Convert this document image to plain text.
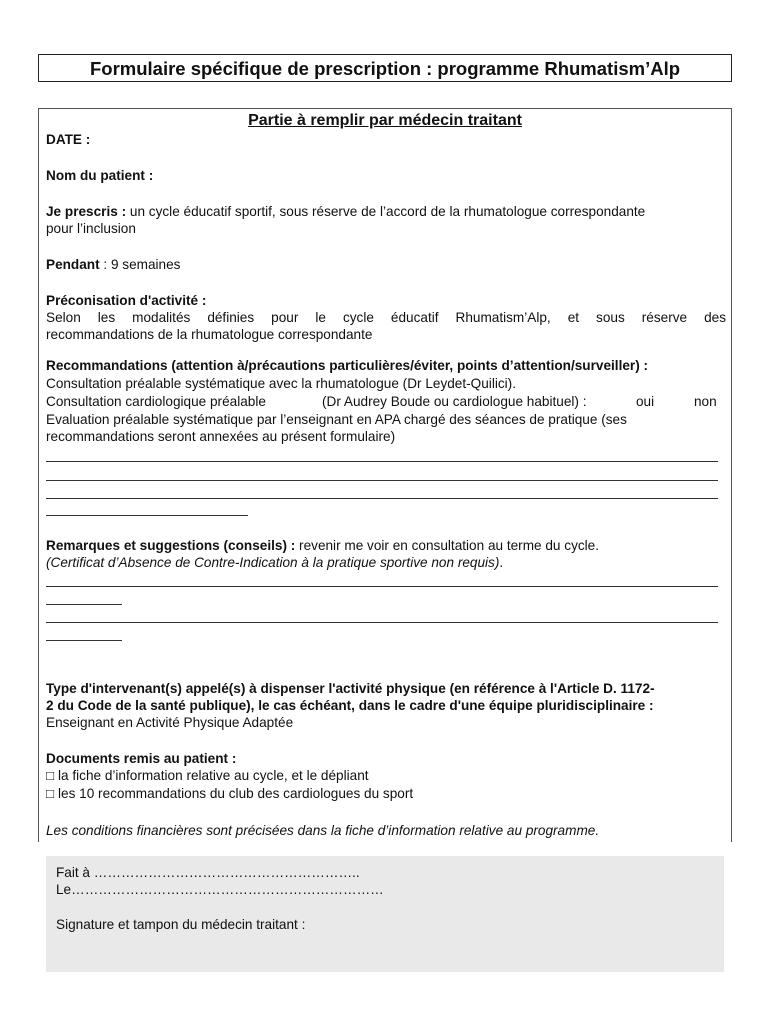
Formulaire spécifique de prescription : programme Rhumatism’Alp
Partie à remplir par médecin traitant
DATE :
Nom du patient :
Je prescris : un cycle éducatif sportif, sous réserve de l’accord de la rhumatologue correspondante
pour l’inclusion
Pendant : 9 semaines
Préconisation d'activité :
Selon les modalités définies pour le cycle éducatif Rhumatism’Alp, et sous réserve des
recommandations de la rhumatologue correspondante
Recommandations (attention à/précautions particulières/éviter, points d’attention/surveiller) :
Consultation préalable systématique avec la rhumatologue (Dr Leydet-Quilici).
Consultation cardiologique préalable	(Dr Audrey Boude ou cardiologue habituel) :	oui	non
Evaluation préalable systématique par l’enseignant en APA chargé des séances de pratique (ses
recommandations seront annexées au présent formulaire)
Remarques et suggestions (conseils) : revenir me voir en consultation au terme du cycle.
(Certificat d’Absence de Contre-Indication à la pratique sportive non requis).
Type d'intervenant(s) appelé(s) à dispenser l'activité physique (en référence à l'Article D. 1172-
2 du Code de la santé publique), le cas échéant, dans le cadre d'une équipe pluridisciplinaire :
Enseignant en Activité Physique Adaptée
Documents remis au patient :
□ la fiche d’information relative au cycle, et le dépliant
□ les 10 recommandations du club des cardiologues du sport
Les conditions financières sont précisées dans la fiche d’information relative au programme.
Fait à …………………………………………………..
Le……………………………………………………………
Signature et tampon du médecin traitant :
